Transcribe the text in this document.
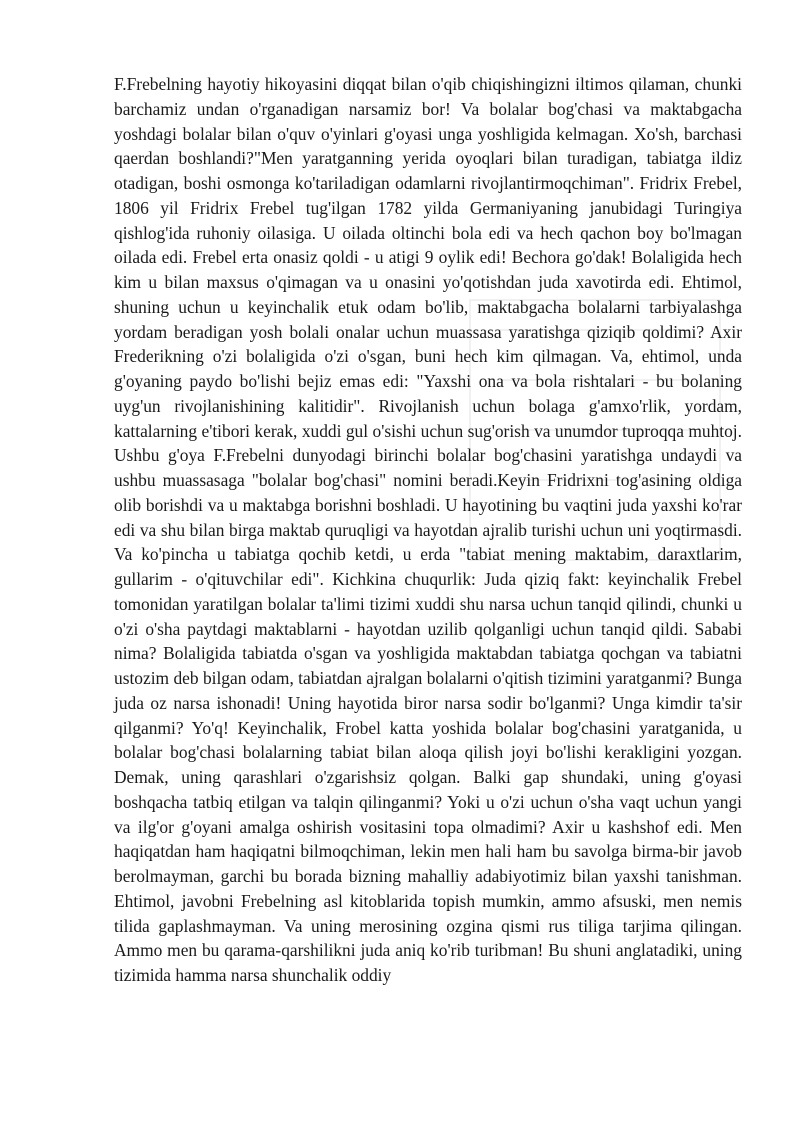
F.Frebelning hayotiy hikoyasini diqqat bilan o'qib chiqishingizni iltimos qilaman, chunki barchamiz undan o'rganadigan narsamiz bor! Va bolalar bog'chasi va maktabgacha yoshdagi bolalar bilan o'quv o'yinlari g'oyasi unga yoshligida kelmagan. Xo'sh, barchasi qaerdan boshlandi?"Men yaratganning yerida oyoqlari bilan turadigan, tabiatga ildiz otadigan, boshi osmonga ko'tariladigan odamlarni rivojlantirmoqchiman". Fridrix Frebel, 1806 yil Fridrix Frebel tug'ilgan 1782 yilda Germaniyaning janubidagi Turingiya qishlog'ida ruhoniy oilasiga. U oilada oltinchi bola edi va hech qachon boy bo'lmagan oilada edi. Frebel erta onasiz qoldi - u atigi 9 oylik edi! Bechora go'dak! Bolaligida hech kim u bilan maxsus o'qimagan va u onasini yo'qotishdan juda xavotirda edi. Ehtimol, shuning uchun u keyinchalik etuk odam bo'lib, maktabgacha bolalarni tarbiyalashga yordam beradigan yosh bolali onalar uchun muassasa yaratishga qiziqib qoldimi? Axir Frederikning o'zi bolaligida o'zi o'sgan, buni hech kim qilmagan. Va, ehtimol, unda g'oyaning paydo bo'lishi bejiz emas edi: "Yaxshi ona va bola rishtalari - bu bolaning uyg'un rivojlanishining kalitidir". Rivojlanish uchun bolaga g'amxo'rlik, yordam, kattalarning e'tibori kerak, xuddi gul o'sishi uchun sug'orish va unumdor tuproqqa muhtoj. Ushbu g'oya F.Frebelni dunyodagi birinchi bolalar bog'chasini yaratishga undaydi va ushbu muassasaga "bolalar bog'chasi" nomini beradi.Keyin Fridrixni tog'asining oldiga olib borishdi va u maktabga borishni boshladi. U hayotining bu vaqtini juda yaxshi ko'rar edi va shu bilan birga maktab quruqligi va hayotdan ajralib turishi uchun uni yoqtirmasdi. Va ko'pincha u tabiatga qochib ketdi, u erda "tabiat mening maktabim, daraxtlarim, gullarim - o'qituvchilar edi". Kichkina chuqurlik: Juda qiziq fakt: keyinchalik Frebel tomonidan yaratilgan bolalar ta'limi tizimi xuddi shu narsa uchun tanqid qilindi, chunki u o'zi o'sha paytdagi maktablarni - hayotdan uzilib qolganligi uchun tanqid qildi. Sababi nima? Bolaligida tabiatda o'sgan va yoshligida maktabdan tabiatga qochgan va tabiatni ustozim deb bilgan odam, tabiatdan ajralgan bolalarni o'qitish tizimini yaratganmi? Bunga juda oz narsa ishonadi! Uning hayotida biror narsa sodir bo'lganmi? Unga kimdir ta'sir qilganmi? Yo'q! Keyinchalik, Frobel katta yoshida bolalar bog'chasini yaratganida, u bolalar bog'chasi bolalarning tabiat bilan aloqa qilish joyi bo'lishi kerakligini yozgan. Demak, uning qarashlari o'zgarishsiz qolgan. Balki gap shundaki, uning g'oyasi boshqacha tatbiq etilgan va talqin qilinganmi? Yoki u o'zi uchun o'sha vaqt uchun yangi va ilg'or g'oyani amalga oshirish vositasini topa olmadimi? Axir u kashshof edi. Men haqiqatdan ham haqiqatni bilmoqchiman, lekin men hali ham bu savolga birma-bir javob berolmayman, garchi bu borada bizning mahalliy adabiyotimiz bilan yaxshi tanishman. Ehtimol, javobni Frebelning asl kitoblarida topish mumkin, ammo afsuski, men nemis tilida gaplashmayman. Va uning merosining ozgina qismi rus tiliga tarjima qilingan. Ammo men bu qarama-qarshilikni juda aniq ko'rib turibman! Bu shuni anglatadiki, uning tizimida hamma narsa shunchalik oddiy
